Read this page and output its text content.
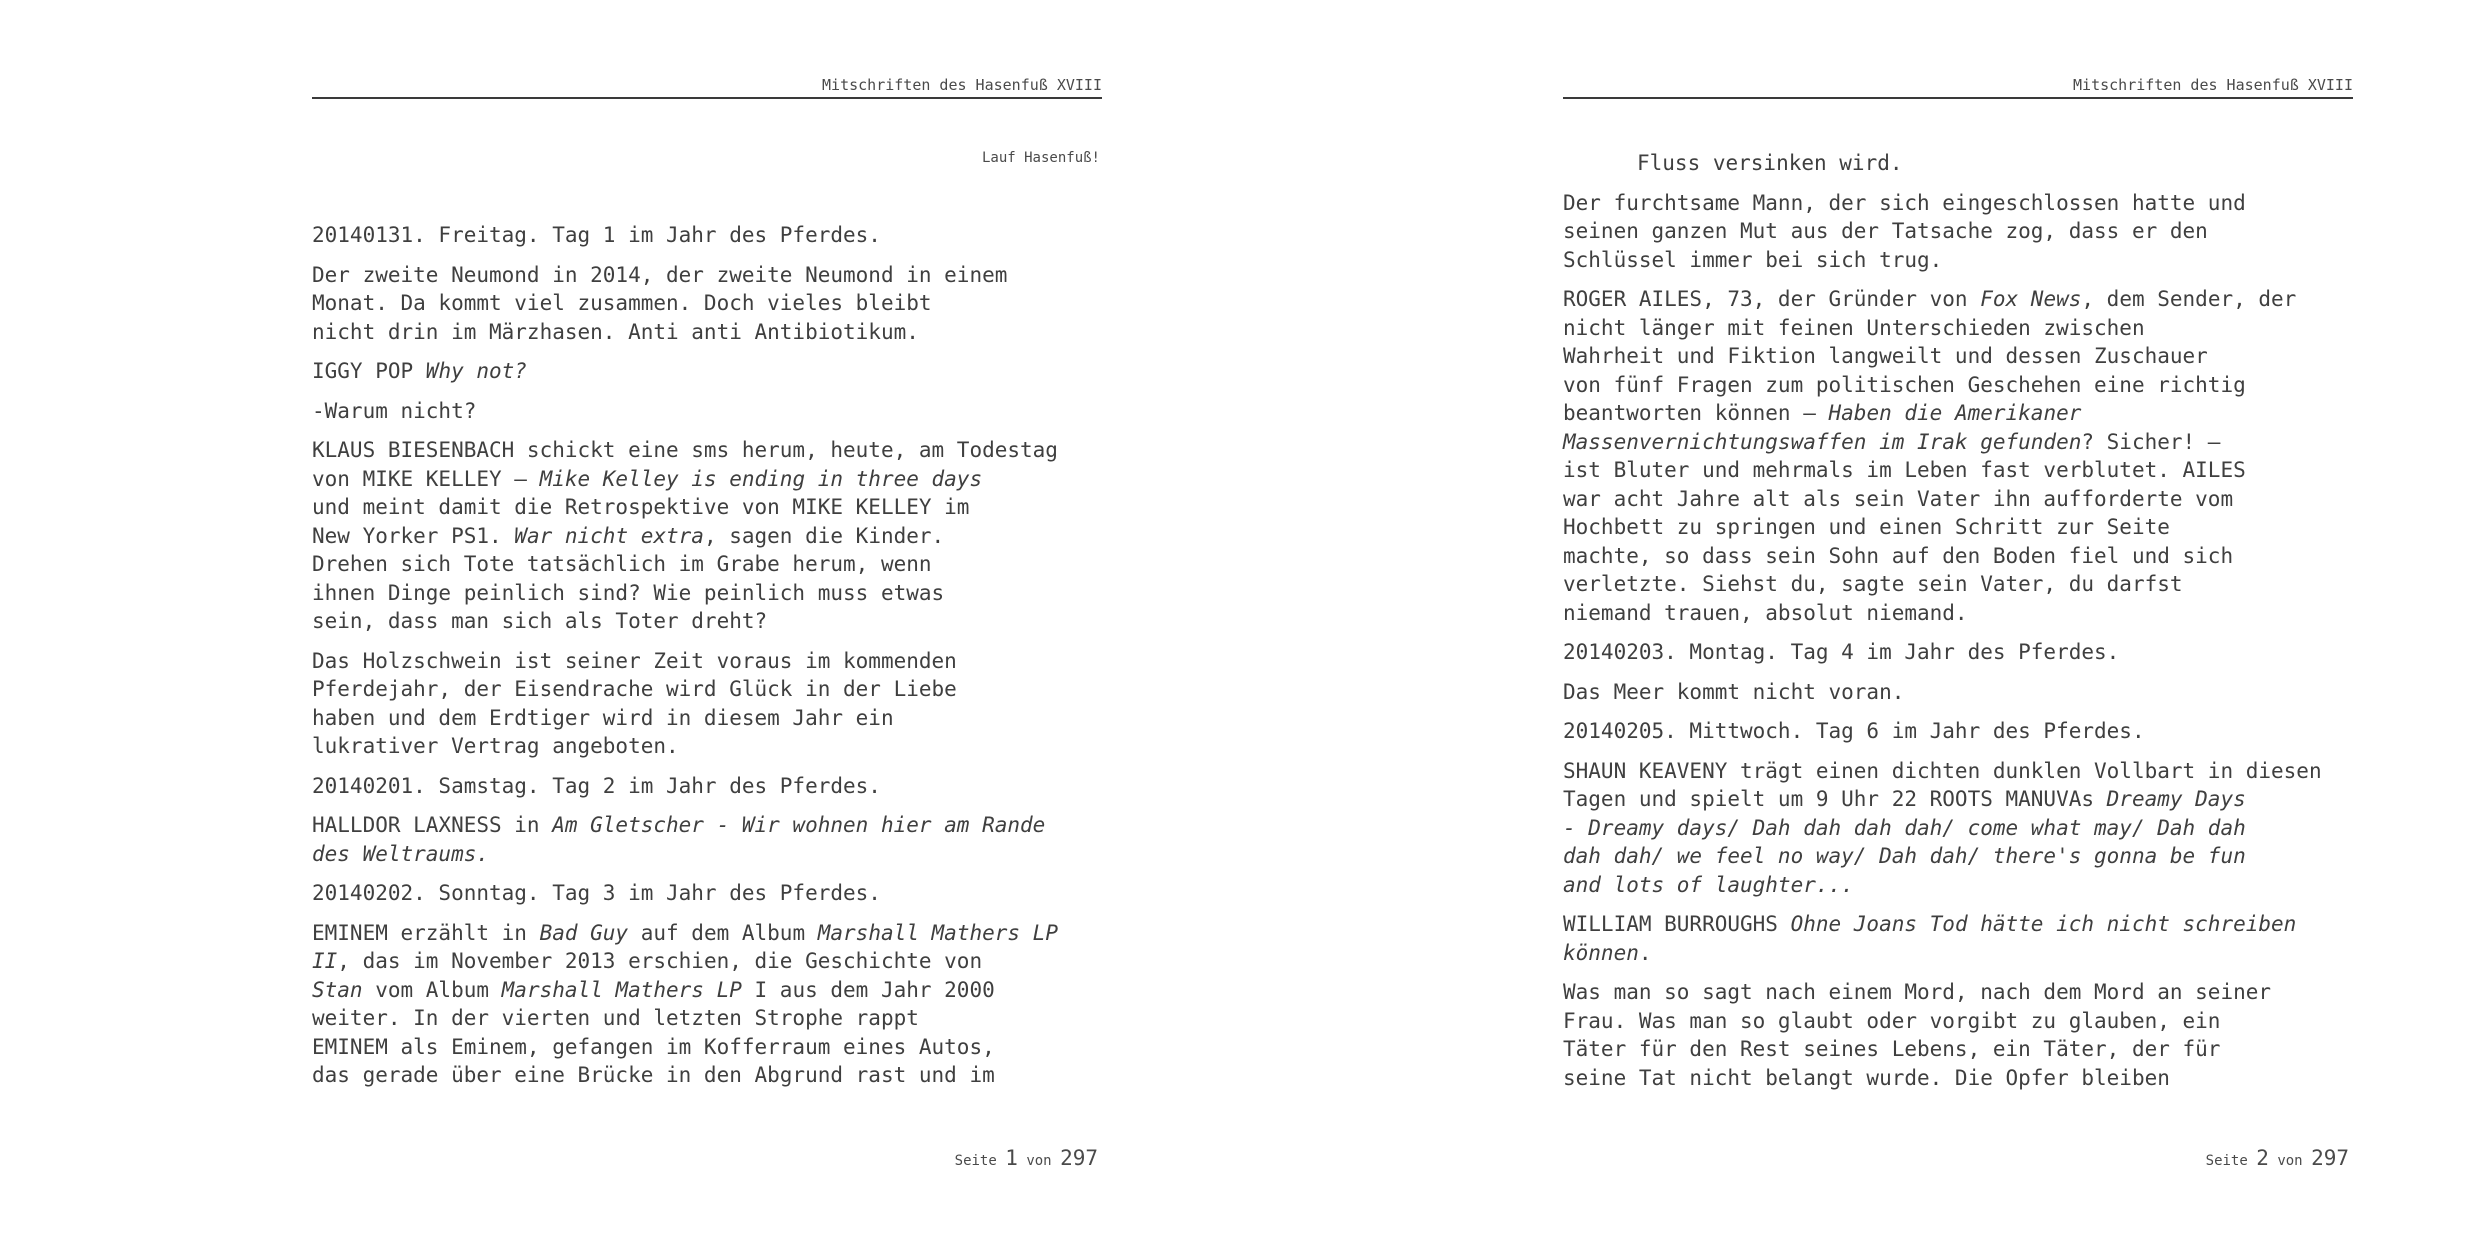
Mitschriften des Hasenfuß XVIII
Lauf Hasenfuß!

20140131. Freitag. Tag 1 im Jahr des Pferdes.

Der zweite Neumond in 2014, der zweite Neumond in einem
Monat. Da kommt viel zusammen. Doch vieles bleibt
nicht drin im Märzhasen. Anti anti Antibiotikum.

IGGY POP Why not?

-Warum nicht?

KLAUS BIESENBACH schickt eine sms herum, heute, am Todestag
von MIKE KELLEY – Mike Kelley is ending in three days
und meint damit die Retrospektive von MIKE KELLEY im
New Yorker PS1. War nicht extra, sagen die Kinder.
Drehen sich Tote tatsächlich im Grabe herum, wenn
ihnen Dinge peinlich sind? Wie peinlich muss etwas
sein, dass man sich als Toter dreht?

Das Holzschwein ist seiner Zeit voraus im kommenden
Pferdejahr, der Eisendrache wird Glück in der Liebe
haben und dem Erdtiger wird in diesem Jahr ein
lukrativer Vertrag angeboten.

20140201. Samstag. Tag 2 im Jahr des Pferdes.

HALLDOR LAXNESS in Am Gletscher - Wir wohnen hier am Rande
des Weltraums.

20140202. Sonntag. Tag 3 im Jahr des Pferdes.

EMINEM erzählt in Bad Guy auf dem Album Marshall Mathers LP
II, das im November 2013 erschien, die Geschichte von
Stan vom Album Marshall Mathers LP I aus dem Jahr 2000
weiter. In der vierten und letzten Strophe rappt
EMINEM als Eminem, gefangen im Kofferraum eines Autos,
das gerade über eine Brücke in den Abgrund rast und im

Seite 1 von 297
Mitschriften des Hasenfuß XVIII

Fluss versinken wird.

Der furchtsame Mann, der sich eingeschlossen hatte und
seinen ganzen Mut aus der Tatsache zog, dass er den
Schlüssel immer bei sich trug.

ROGER AILES, 73, der Gründer von Fox News, dem Sender, der
nicht länger mit feinen Unterschieden zwischen
Wahrheit und Fiktion langweilt und dessen Zuschauer
von fünf Fragen zum politischen Geschehen eine richtig
beantworten können – Haben die Amerikaner
Massenvernichtungswaffen im Irak gefunden? Sicher! –
ist Bluter und mehrmals im Leben fast verblutet. AILES
war acht Jahre alt als sein Vater ihn aufforderte vom
Hochbett zu springen und einen Schritt zur Seite
machte, so dass sein Sohn auf den Boden fiel und sich
verletzte. Siehst du, sagte sein Vater, du darfst
niemand trauen, absolut niemand.

20140203. Montag. Tag 4 im Jahr des Pferdes.

Das Meer kommt nicht voran.

20140205. Mittwoch. Tag 6 im Jahr des Pferdes.

SHAUN KEAVENY trägt einen dichten dunklen Vollbart in diesen
Tagen und spielt um 9 Uhr 22 ROOTS MANUVAs Dreamy Days
- Dreamy days/ Dah dah dah dah/ come what may/ Dah dah
dah dah/ we feel no way/ Dah dah/ there's gonna be fun
and lots of laughter...

WILLIAM BURROUGHS Ohne Joans Tod hätte ich nicht schreiben
können.

Was man so sagt nach einem Mord, nach dem Mord an seiner
Frau. Was man so glaubt oder vorgibt zu glauben, ein
Täter für den Rest seines Lebens, ein Täter, der für
seine Tat nicht belangt wurde. Die Opfer bleiben

Seite 2 von 297
